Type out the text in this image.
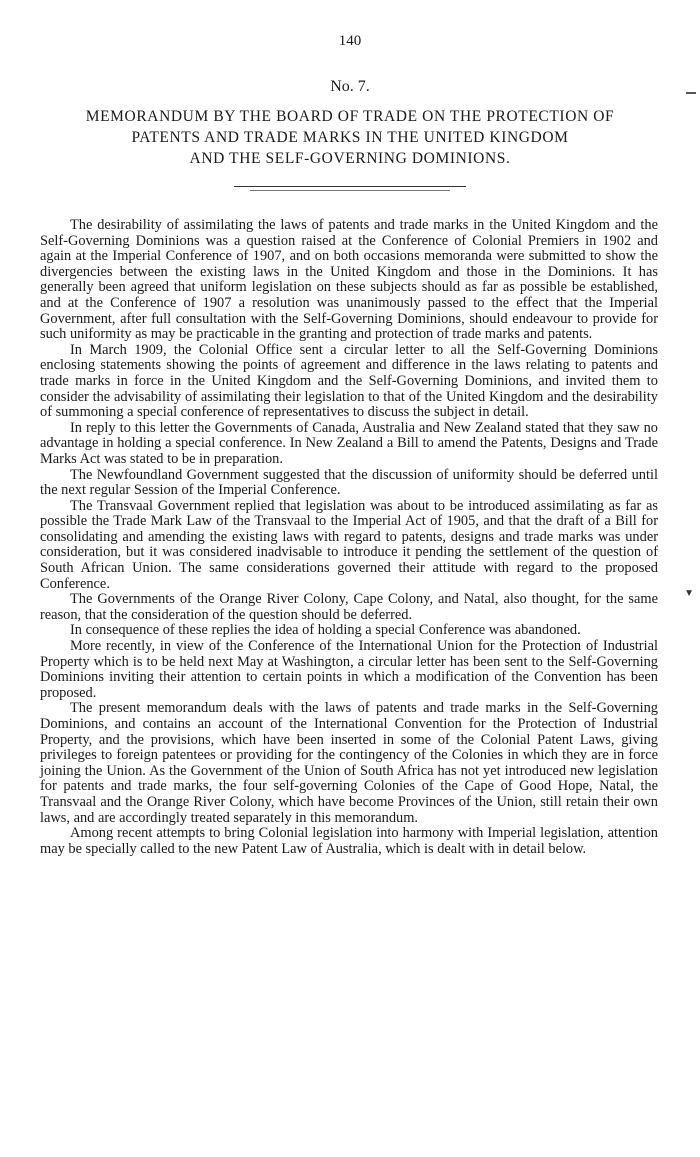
140
No. 7.
MEMORANDUM BY THE BOARD OF TRADE ON THE PROTECTION OF
PATENTS AND TRADE MARKS IN THE UNITED KINGDOM
AND THE SELF-GOVERNING DOMINIONS.

The desirability of assimilating the laws of patents and trade marks in the United Kingdom and the Self-Governing Dominions was a question raised at the Conference of Colonial Premiers in 1902 and again at the Imperial Conference of 1907, and on both occasions memoranda were submitted to show the divergencies between the existing laws in the United Kingdom and those in the Dominions. It has generally been agreed that uniform legislation on these subjects should as far as possible be established, and at the Conference of 1907 a resolution was unanimously passed to the effect that the Imperial Government, after full consultation with the Self-Governing Dominions, should endeavour to provide for such uniformity as may be practicable in the granting and protection of trade marks and patents.

In March 1909, the Colonial Office sent a circular letter to all the Self-Governing Dominions enclosing statements showing the points of agreement and difference in the laws relating to patents and trade marks in force in the United Kingdom and the Self-Governing Dominions, and invited them to consider the advisability of assimilating their legislation to that of the United Kingdom and the desirability of summoning a special conference of representatives to discuss the subject in detail.

In reply to this letter the Governments of Canada, Australia and New Zealand stated that they saw no advantage in holding a special conference. In New Zealand a Bill to amend the Patents, Designs and Trade Marks Act was stated to be in preparation.

The Newfoundland Government suggested that the discussion of uniformity should be deferred until the next regular Session of the Imperial Conference.

The Transvaal Government replied that legislation was about to be introduced assimilating as far as possible the Trade Mark Law of the Transvaal to the Imperial Act of 1905, and that the draft of a Bill for consolidating and amending the existing laws with regard to patents, designs and trade marks was under consideration, but it was considered inadvisable to introduce it pending the settlement of the question of South African Union. The same considerations governed their attitude with regard to the proposed Conference.

The Governments of the Orange River Colony, Cape Colony, and Natal, also thought, for the same reason, that the consideration of the question should be deferred.

In consequence of these replies the idea of holding a special Conference was abandoned.

More recently, in view of the Conference of the International Union for the Protection of Industrial Property which is to be held next May at Washington, a circular letter has been sent to the Self-Governing Dominions inviting their attention to certain points in which a modification of the Convention has been proposed.

The present memorandum deals with the laws of patents and trade marks in the Self-Governing Dominions, and contains an account of the International Convention for the Protection of Industrial Property, and the provisions, which have been inserted in some of the Colonial Patent Laws, giving privileges to foreign patentees or providing for the contingency of the Colonies in which they are in force joining the Union. As the Government of the Union of South Africa has not yet introduced new legislation for patents and trade marks, the four self-governing Colonies of the Cape of Good Hope, Natal, the Transvaal and the Orange River Colony, which have become Provinces of the Union, still retain their own laws, and are accordingly treated separately in this memorandum.

Among recent attempts to bring Colonial legislation into harmony with Imperial legislation, attention may be specially called to the new Patent Law of Australia, which is dealt with in detail below.

▼
